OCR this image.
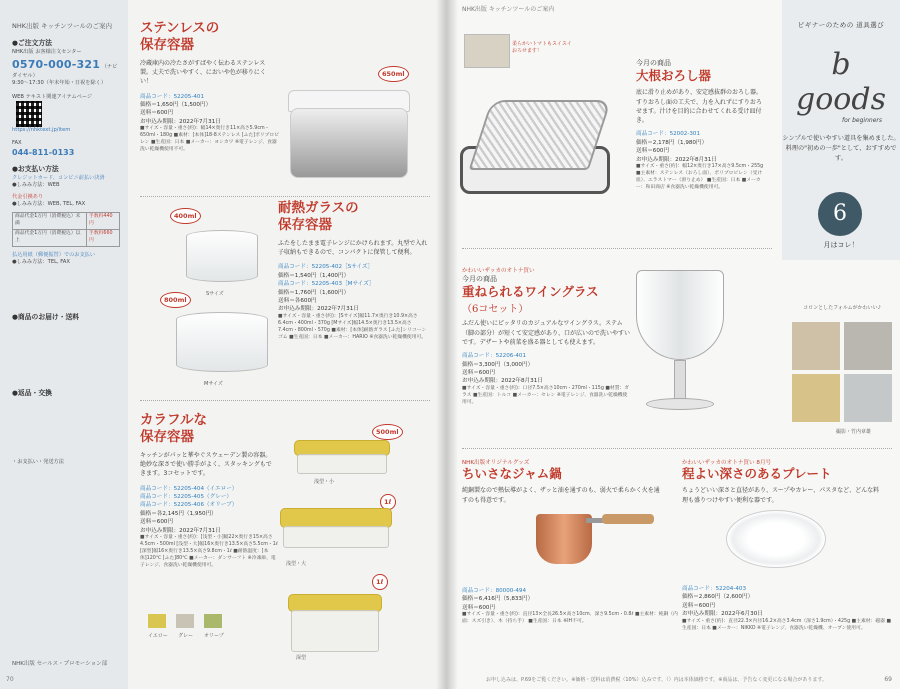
NHK出版 キッチンツールのご案内
●ご注文方法
NHK出版 お客様注文センター
0570-000-321 （ナビダイヤル）
9:30〜17:30（年末年始・日祝を除く）
WEB テキスト関連アイテムページ
https://nhktext.jp/item
FAX
044-811-0133
●お支払い方法
クレジットカード、コンビニ前払い決済
●しみみ方法：WEB
代金引換あり
●しみみ方法：WEB, TEL, FAX
商品代金1万円（消費税込）未満	手数料440円
商品代金1万円（消費税込）以上	手数料660円
払込用紙（郵便振替）でのお支払い
●しみみ方法：TEL, FAX
●商品のお届け・送料
●返品・交換
・お支払い・発送方法
NHK出版 セールス・プロモーション部
ステンレスの
保存容器
冷蔵庫内の冷たさがすばやく伝わるステンレス製。丈夫で洗いやすく、においや色が移りにくい！
商品コード：52205-401
価格＝1,650円（1,500円）
送料＝600円
お申込み期限：2022年7月31日
■サイズ・容量・重さ(約)：幅14×奥行き11×高さ5.9cm・650ml・180g ■素材：[本体]18-8ステンレス [ふた]ポリプロピレン ■生産国：日本 ■メーカー：ヨシカワ ※電子レンジ、食器洗い乾燥機使用不可。
650ml
耐熱ガラスの
保存容器
ふたをしたまま電子レンジにかけられます。丸型で入れ子収納もできるので、コンパクトに保管して便利。
商品コード：52205-402［Sサイズ］
価格＝1,540円（1,400円）
商品コード：52205-403［Mサイズ］
価格＝1,760円（1,600円）
送料＝各600円
お申込み期限：2022年7月31日
■サイズ・容量・重さ(約)：[Sサイズ]幅11.7×奥行き10.9×高さ6.4cm・400ml・370g [Mサイズ]幅14.5×奥行き13.5×高さ7.4cm・800ml・570g ■素材：[本体]耐熱ガラス [ふた]シリコーンゴム ■生産国：日本 ■メーカー：HARIO ※食器洗い乾燥機使用可。
400ml
Sサイズ
800ml
Mサイズ
カラフルな
保存容器
キッチンがパッと華やぐスウェーデン製の容器。絶妙な深さで使い勝手がよく、スタッキングもできます。3コセットです。
商品コード：52205-404（イエロー）
商品コード：52205-405（グレー）
商品コード：52205-406（オリーブ）
価格＝各2,145円（1,950円）
送料＝600円
お申込み期限：2022年7月31日
■サイズ・容量・重さ(約)：[浅型・小]幅22×奥行き15×高さ4.5cm・500ml [浅型・大]幅16×奥行き13.5×高さ5.5cm・1ℓ [深型]幅16×奥行き13.5×高さ9.8cm・1ℓ ■耐熱温度：[本体]120℃ [ふた]80℃ ■メーカー：ダンサーフト ※冷凍庫、電子レンジ、食器洗い乾燥機使用可。
500ml
浅型・小
1ℓ
浅型・大
1ℓ
深型
イエロー グレー オリーブ
70
NHK出版 キッチンツールのご案内
柔らかいトマトもスイスイおろせます！
今月の商品
大根おろし器
底に滑り止めがあり、安定感抜群のおろし器。すりおろし面の工夫で、力を入れずにすりおろせます。汁けを目的に合わせてくれる受け皿付き。
商品コード：52002-301
価格＝2,178円（1,980円）
送料＝600円
お申込み期限：2022年8月31日
■サイズ・重さ(約)：幅12×奥行き17×高さ9.5cm・255g ■主素材：ステンレス（おろし面）、ポリプロピレン（受け皿）、エラストマー（滑り止め） ■生産国：日本 ■メーカー：和田商店 ※食器洗い乾燥機使用可。
ビギナーのための 道具選び
b goods
for beginners
シンプルで使いやすい道具を集めました。料理の"初めの一歩"として、おすすめです。
6
月はコレ！
かわいいザッカのオトナ買い
今月の商品
重ねられるワイングラス
（6コセット）
ふだん使いにピッタリのカジュアルなワイングラス。ステム（脚の部分）が短くて安定感があり、口が広いので洗いやすいです。デザートや前菜を盛る器としても使えます。
商品コード：52206-401
価格＝3,300円（3,000円）
送料＝600円
お申込み期限：2022年8月31日
■サイズ・容量・重さ(約)：口径7.5×高さ10cm・270ml・115g ■材質：ガラス ■生産国：トルコ ■メーカー：セレン ※電子レンジ、食器洗い乾燥機使用可。
コロンとしたフォルムがかわいい♪
撮影・竹内章雄
NHK出版オリジナルグッズ
ちいさなジャム鍋
純銅製なので熱伝導がよく、ザッと油を通すのも、弱火で柔らかく火を通すのも得意です。
商品コード：80000-494
価格＝6,416円（5,833円）
送料＝600円
■サイズ・容量・重さ(約)：直径13×全長26.5×高さ10cm、深さ9.5cm・0.8ℓ ■主素材：純銅（内面：スズ引き）、木（持ち手） ■生産国：日本 ※IH不可。
かわいいザッカのオトナ買い 8月号
程よい深さのあるプレート
ちょうどいい深さと直径があり、スープやカレー、パスタなど、どんな料理も盛りつけやすい便利な器です。
商品コード：52204-403
価格＝2,860円（2,600円）
送料＝600円
お申込み期限：2022年6月30日
■サイズ・重さ(約)：直径22.3×内径16.2×高さ3.4cm（深さ1.9cm）・425g ■主素材：磁器 ■生産国：日本 ■メーカー：NIKKO ※電子レンジ、食器洗い乾燥機、オーブン使用可。
お申し込みは、P.69をご覧ください。※価格・送料は消費税（10%）込みです。（）内は本体価格です。※商品は、予告なく変更になる場合があります。	69
